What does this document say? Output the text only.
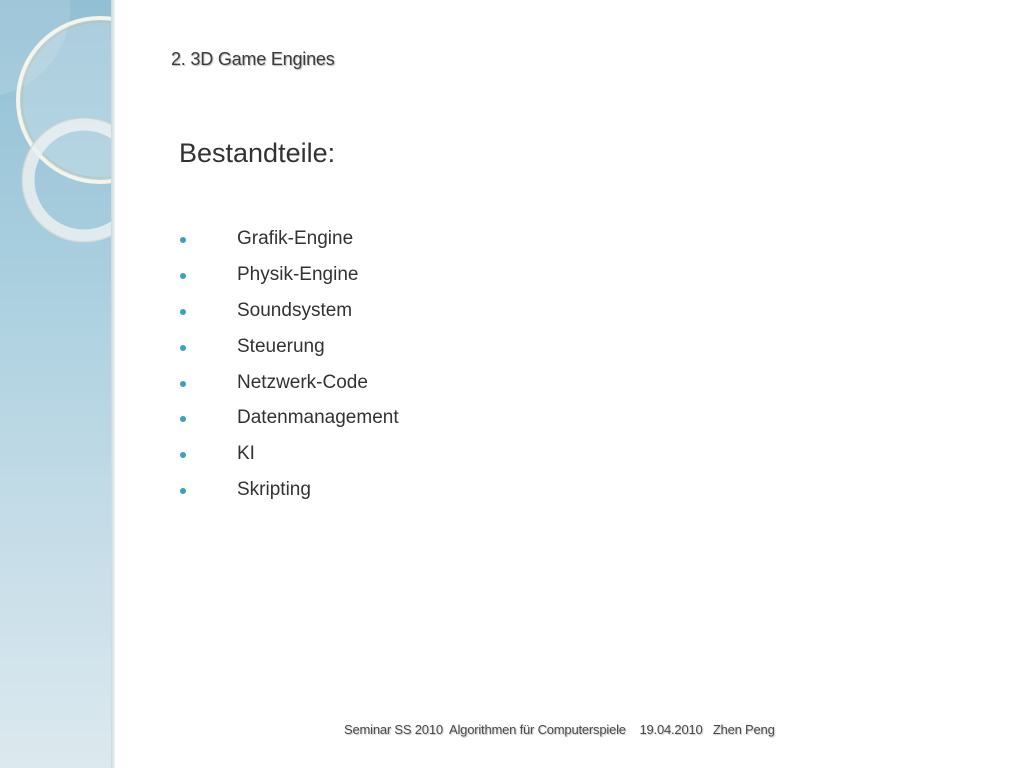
2. 3D Game Engines
Bestandteile:
Grafik-Engine
Physik-Engine
Soundsystem
Steuerung
Netzwerk-Code
Datenmanagement
KI
Skripting
Seminar SS 2010 Algorithmen für Computerspiele 19.04.2010 Zhen Peng
